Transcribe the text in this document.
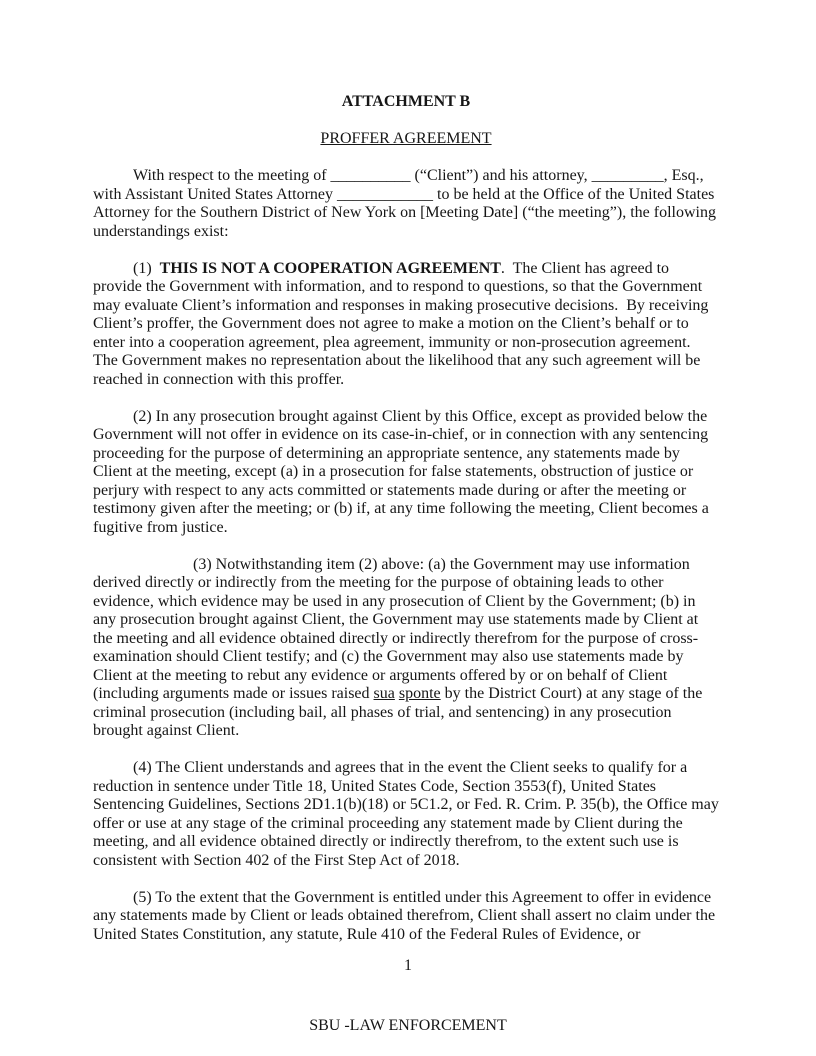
ATTACHMENT B
PROFFER AGREEMENT

With respect to the meeting of __________ (“Client”) and his attorney, _________, Esq., with Assistant United States Attorney ____________ to be held at the Office of the United States Attorney for the Southern District of New York on [Meeting Date] (“the meeting”), the following understandings exist:

(1)  THIS IS NOT A COOPERATION AGREEMENT.  The Client has agreed to provide the Government with information, and to respond to questions, so that the Government may evaluate Client’s information and responses in making prosecutive decisions.  By receiving Client’s proffer, the Government does not agree to make a motion on the Client’s behalf or to enter into a cooperation agreement, plea agreement, immunity or non-prosecution agreement.  The Government makes no representation about the likelihood that any such agreement will be reached in connection with this proffer.

(2) In any prosecution brought against Client by this Office, except as provided below the Government will not offer in evidence on its case-in-chief, or in connection with any sentencing proceeding for the purpose of determining an appropriate sentence, any statements made by Client at the meeting, except (a) in a prosecution for false statements, obstruction of justice or perjury with respect to any acts committed or statements made during or after the meeting or testimony given after the meeting; or (b) if, at any time following the meeting, Client becomes a fugitive from justice.

(3) Notwithstanding item (2) above: (a) the Government may use information derived directly or indirectly from the meeting for the purpose of obtaining leads to other evidence, which evidence may be used in any prosecution of Client by the Government; (b) in any prosecution brought against Client, the Government may use statements made by Client at the meeting and all evidence obtained directly or indirectly therefrom for the purpose of cross-examination should Client testify; and (c) the Government may also use statements made by Client at the meeting to rebut any evidence or arguments offered by or on behalf of Client (including arguments made or issues raised sua sponte by the District Court) at any stage of the criminal prosecution (including bail, all phases of trial, and sentencing) in any prosecution brought against Client.

(4) The Client understands and agrees that in the event the Client seeks to qualify for a reduction in sentence under Title 18, United States Code, Section 3553(f), United States Sentencing Guidelines, Sections 2D1.1(b)(18) or 5C1.2, or Fed. R. Crim. P. 35(b), the Office may offer or use at any stage of the criminal proceeding any statement made by Client during the meeting, and all evidence obtained directly or indirectly therefrom, to the extent such use is consistent with Section 402 of the First Step Act of 2018.

(5) To the extent that the Government is entitled under this Agreement to offer in evidence any statements made by Client or leads obtained therefrom, Client shall assert no claim under the United States Constitution, any statute, Rule 410 of the Federal Rules of Evidence, or

1
SBU -LAW ENFORCEMENT
